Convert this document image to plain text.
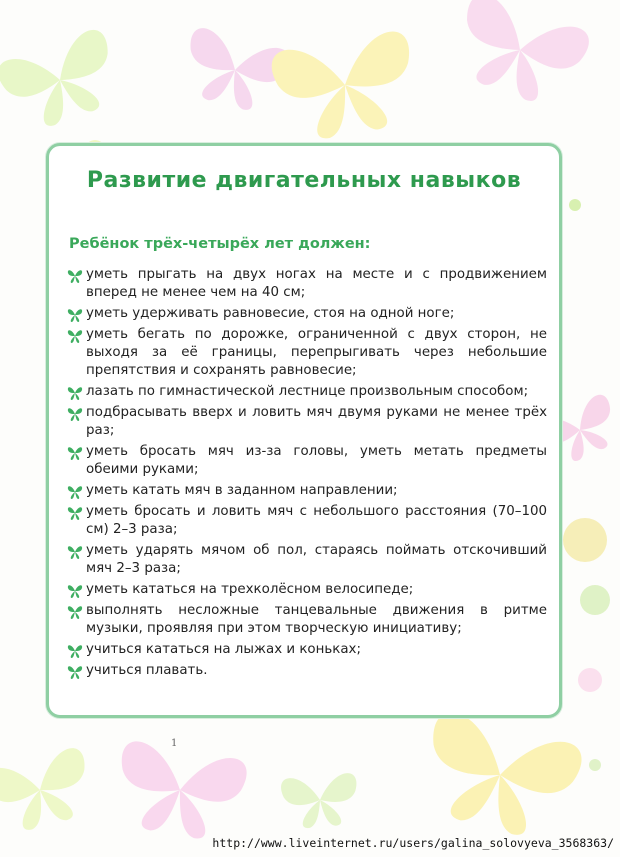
Развитие двигательных навыков
Ребёнок трёх-четырёх лет должен:
уметь прыгать на двух ногах на месте и с продвижением вперед не менее чем на 40 см;
уметь удерживать равновесие, стоя на одной ноге;
уметь бегать по дорожке, ограниченной с двух сторон, не выходя за её границы, перепрыгивать через небольшие препятствия и сохранять равновесие;
лазать по гимнастической лестнице произвольным способом;
подбрасывать вверх и ловить мяч двумя руками не менее трёх раз;
уметь бросать мяч из-за головы, уметь метать предметы обеими руками;
уметь катать мяч в заданном направлении;
уметь бросать и ловить мяч с небольшого расстояния (70–100 см) 2–3 раза;
уметь ударять мячом об пол, стараясь поймать отскочивший мяч 2–3 раза;
уметь кататься на трехколёсном велосипеде;
выполнять несложные танцевальные движения в ритме музыки, проявляя при этом творческую инициативу;
учиться кататься на лыжах и коньках;
учиться плавать.
1
http://www.liveinternet.ru/users/galina_solovyeva_3568363/
